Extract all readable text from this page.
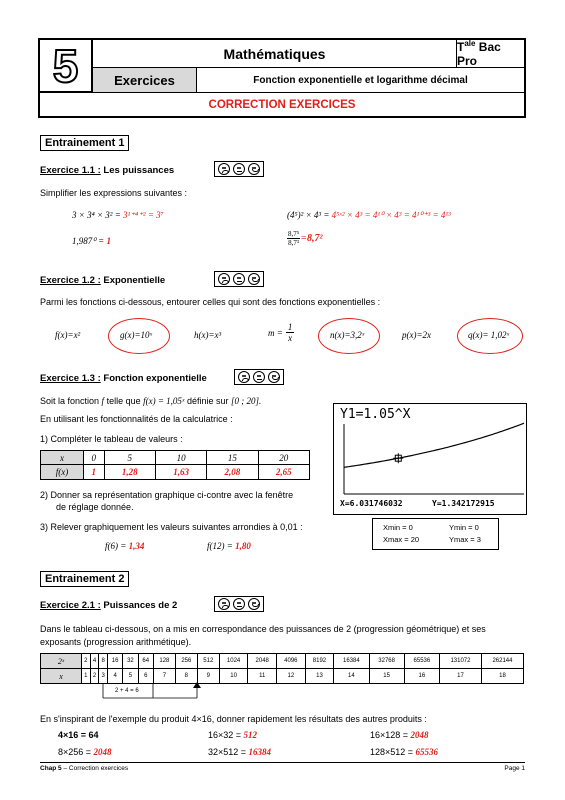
5	Mathématiques	$T^{ale}$ Bac Pro
Exercices	Fonction exponentielle et logarithme décimal
CORRECTION EXERCICES
Entrainement 1
Exercice 1.1 : Les puissances
Simplifier les expressions suivantes :
3 × 3⁴ × 3² = 3¹⁺⁴⁺² = 3⁷	(4⁵)² × 4³ = 4⁵ˣ² × 4³ = 4¹⁰ × 4³ = 4¹⁰⁺³ = 4¹³
1,987⁰ = 1	$\frac{\text{8,7⁵}}{\text{8,7³}} = 8,7^2$
Exercice 1.2 : Exponentielle
Parmi les fonctions ci-dessous, entourer celles qui sont des fonctions exponentielles :
f(x)=x²	g(x)=10ˣ	h(x)=x³	$m = \frac{1}{x}$	n(x)=3,2ˣ	p(x)=2x	q(x)= 1,02ˣ
Exercice 1.3 : Fonction exponentielle
Soit la fonction f telle que f(x) = 1,05ˣ définie sur [0 ; 20].
En utilisant les fonctionnalités de la calculatrice :
1) Compléter le tableau de valeurs :
x	0	5	10	15	20
f(x)	1	1,28	1,63	2,08	2,65
2) Donner sa représentation graphique ci-contre avec la fenêtre
de réglage donnée.
3) Relever graphiquement les valeurs suivantes arrondies à 0,01 :
f(6) = 1,34	f(12) = 1,80
Y1=1.05^X
X=6.031746032	Y=1.342172915
Xmin = 0	Ymin = 0
Xmax = 20	Ymax = 3
Entrainement 2
Exercice 2.1 : Puissances de 2
Dans le tableau ci-dessous, on a mis en correspondance des puissances de 2 (progression géométrique) et ses
exposants (progression arithmétique).
2ˣ	2	4	8	16	32	64	128	256	512	1024	2048	4096	8192	16384	32768	65536	131072	262144
x	1	2	3	4	5	6	7	8	9	10	11	12	13	14	15	16	17	18
2 + 4 = 6
En s'inspirant de l'exemple du produit 4×16, donner rapidement les résultats des autres produits :
4×16 = 64	16×32 = 512	16×128 = 2048
8×256 = 2048	32×512 = 16384	128×512 = 65536
Chap 5 – Correction exercices	Page 1
